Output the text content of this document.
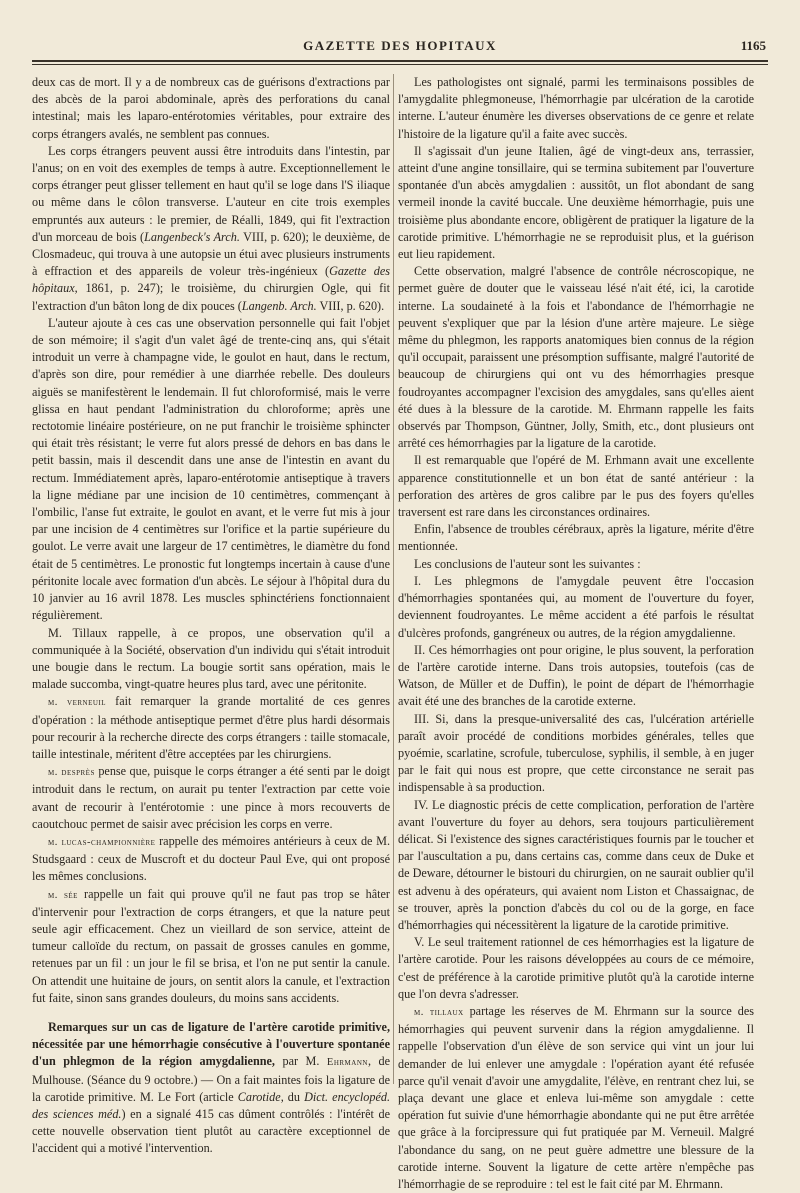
GAZETTE DES HOPITAUX	1165

deux cas de mort. Il y a de nombreux cas de guérisons d'extractions par des abcès de la paroi abdominale, après des perforations du canal intestinal; mais les laparo-entérotomies véritables, pour extraire des corps étrangers avalés, ne semblent pas connues.

Les corps étrangers peuvent aussi être introduits dans l'intestin, par l'anus; on en voit des exemples de temps à autre. Exceptionnellement le corps étranger peut glisser tellement en haut qu'il se loge dans l'S iliaque ou même dans le côlon transverse. L'auteur en cite trois exemples empruntés aux auteurs : le premier, de Réalli, 1849, qui fit l'extraction d'un morceau de bois (Langenbeck's Arch. VIII, p. 620); le deuxième, de Closmadeuc, qui trouva à une autopsie un étui avec plusieurs instruments à effraction et des appareils de voleur très-ingénieux (Gazette des hôpitaux, 1861, p. 247); le troisième, du chirurgien Ogle, qui fit l'extraction d'un bâton long de dix pouces (Langenb. Arch. VIII, p. 620).

L'auteur ajoute à ces cas une observation personnelle qui fait l'objet de son mémoire; il s'agit d'un valet âgé de trente-cinq ans, qui s'était introduit un verre à champagne vide, le goulot en haut, dans le rectum, d'après son dire, pour remédier à une diarrhée rebelle. Des douleurs aiguës se manifestèrent le lendemain. Il fut chloroformisé, mais le verre glissa en haut pendant l'administration du chloroforme; après une rectotomie linéaire postérieure, on ne put franchir le troisième sphincter qui était très résistant; le verre fut alors pressé de dehors en bas dans le petit bassin, mais il descendit dans une anse de l'intestin en avant du rectum. Immédiatement après, laparo-entérotomie antiseptique à travers la ligne médiane par une incision de 10 centimètres, commençant à l'ombilic, l'anse fut extraite, le goulot en avant, et le verre fut mis à jour par une incision de 4 centimètres sur l'orifice et la partie supérieure du goulot. Le verre avait une largeur de 17 centimètres, le diamètre du fond était de 5 centimètres. Le pronostic fut longtemps incertain à cause d'une péritonite locale avec formation d'un abcès. Le séjour à l'hôpital dura du 10 janvier au 16 avril 1878. Les muscles sphinctériens fonctionnaient régulièrement.

M. Tillaux rappelle, à ce propos, une observation qu'il a communiquée à la Société, observation d'un individu qui s'était introduit une bougie dans le rectum. La bougie sortit sans opération, mais le malade succomba, vingt-quatre heures plus tard, avec une péritonite.

m. verneuil fait remarquer la grande mortalité de ces genres d'opération : la méthode antiseptique permet d'être plus hardi désormais pour recourir à la recherche directe des corps étrangers : taille stomacale, taille intestinale, méritent d'être acceptées par les chirurgiens.

m. desprès pense que, puisque le corps étranger a été senti par le doigt introduit dans le rectum, on aurait pu tenter l'extraction par cette voie avant de recourir à l'entérotomie : une pince à mors recouverts de caoutchouc permet de saisir avec précision les corps en verre.

m. lucas-championnière rappelle des mémoires antérieurs à ceux de M. Studsgaard : ceux de Muscroft et du docteur Paul Eve, qui ont proposé les mêmes conclusions.

m. sée rappelle un fait qui prouve qu'il ne faut pas trop se hâter d'intervenir pour l'extraction de corps étrangers, et que la nature peut seule agir efficacement. Chez un vieillard de son service, atteint de tumeur calloïde du rectum, on passait de grosses canules en gomme, retenues par un fil : un jour le fil se brisa, et l'on ne put sentir la canule. On attendit une huitaine de jours, on sentit alors la canule, et l'extraction fut faite, sinon sans grandes douleurs, du moins sans accidents.

Remarques sur un cas de ligature de l'artère carotide primitive, nécessitée par une hémorrhagie consécutive à l'ouverture spontanée d'un phlegmon de la région amygdalienne, par M. Ehrmann, de Mulhouse. (Séance du 9 octobre.) — On a fait maintes fois la ligature de la carotide primitive. M. Le Fort (article Carotide, du Dict. encyclopéd. des sciences méd.) en a signalé 415 cas dûment contrôlés : l'intérêt de cette nouvelle observation tient plutôt au caractère exceptionnel de l'accident qui a motivé l'intervention.

Les pathologistes ont signalé, parmi les terminaisons possibles de l'amygdalite phlegmoneuse, l'hémorrhagie par ulcération de la carotide interne. L'auteur énumère les diverses observations de ce genre et relate l'histoire de la ligature qu'il a faite avec succès.

Il s'agissait d'un jeune Italien, âgé de vingt-deux ans, terrassier, atteint d'une angine tonsillaire, qui se termina subitement par l'ouverture spontanée d'un abcès amygdalien : aussitôt, un flot abondant de sang vermeil inonde la cavité buccale. Une deuxième hémorrhagie, puis une troisième plus abondante encore, obligèrent de pratiquer la ligature de la carotide primitive. L'hémorrhagie ne se reproduisit plus, et la guérison eut lieu rapidement.

Cette observation, malgré l'absence de contrôle nécroscopique, ne permet guère de douter que le vaisseau lésé n'ait été, ici, la carotide interne. La soudaineté à la fois et l'abondance de l'hémorrhagie ne peuvent s'expliquer que par la lésion d'une artère majeure. Le siège même du phlegmon, les rapports anatomiques bien connus de la région qu'il occupait, paraissent une présomption suffisante, malgré l'autorité de beaucoup de chirurgiens qui ont vu des hémorrhagies presque foudroyantes accompagner l'excision des amygdales, sans qu'elles aient été dues à la blessure de la carotide. M. Ehrmann rappelle les faits observés par Thompson, Güntner, Jolly, Smith, etc., dont plusieurs ont arrêté ces hémorrhagies par la ligature de la carotide.

Il est remarquable que l'opéré de M. Erhmann avait une excellente apparence constitutionnelle et un bon état de santé antérieur : la perforation des artères de gros calibre par le pus des foyers qu'elles traversent est rare dans les circonstances ordinaires.

Enfin, l'absence de troubles cérébraux, après la ligature, mérite d'être mentionnée.

Les conclusions de l'auteur sont les suivantes :

I. Les phlegmons de l'amygdale peuvent être l'occasion d'hémorrhagies spontanées qui, au moment de l'ouverture du foyer, deviennent foudroyantes. Le même accident a été parfois le résultat d'ulcères profonds, gangréneux ou autres, de la région amygdalienne.

II. Ces hémorrhagies ont pour origine, le plus souvent, la perforation de l'artère carotide interne. Dans trois autopsies, toutefois (cas de Watson, de Müller et de Duffin), le point de départ de l'hémorrhagie avait été une des branches de la carotide externe.

III. Si, dans la presque-universalité des cas, l'ulcération artérielle paraît avoir procédé de conditions morbides générales, telles que pyoémie, scarlatine, scrofule, tuberculose, syphilis, il semble, à en juger par le fait qui nous est propre, que cette circonstance ne serait pas indispensable à sa production.

IV. Le diagnostic précis de cette complication, perforation de l'artère avant l'ouverture du foyer au dehors, sera toujours particulièrement délicat. Si l'existence des signes caractéristiques fournis par le toucher et par l'auscultation a pu, dans certains cas, comme dans ceux de Duke et de Deware, détourner le bistouri du chirurgien, on ne saurait oublier qu'il est advenu à des opérateurs, qui avaient nom Liston et Chassaignac, de se trouver, après la ponction d'abcès du col ou de la gorge, en face d'hémorrhagies qui nécessitèrent la ligature de la carotide primitive.

V. Le seul traitement rationnel de ces hémorrhagies est la ligature de l'artère carotide. Pour les raisons développées au cours de ce mémoire, c'est de préférence à la carotide primitive plutôt qu'à la carotide interne que l'on devra s'adresser.

m. tillaux partage les réserves de M. Ehrmann sur la source des hémorrhagies qui peuvent survenir dans la région amygdalienne. Il rappelle l'observation d'un élève de son service qui vint un jour lui demander de lui enlever une amygdale : l'opération ayant été refusée parce qu'il venait d'avoir une amygdalite, l'élève, en rentrant chez lui, se plaça devant une glace et enleva lui-même son amygdale : cette opération fut suivie d'une hémorrhagie abondante qui ne put être arrêtée que grâce à la forcipressure qui fut pratiquée par M. Verneuil. Malgré l'abondance du sang, on ne peut guère admettre une blessure de la carotide interne. Souvent la ligature de cette artère n'empêche pas l'hémorrhagie de se reproduire : tel est le fait cité par M. Ehrmann.
